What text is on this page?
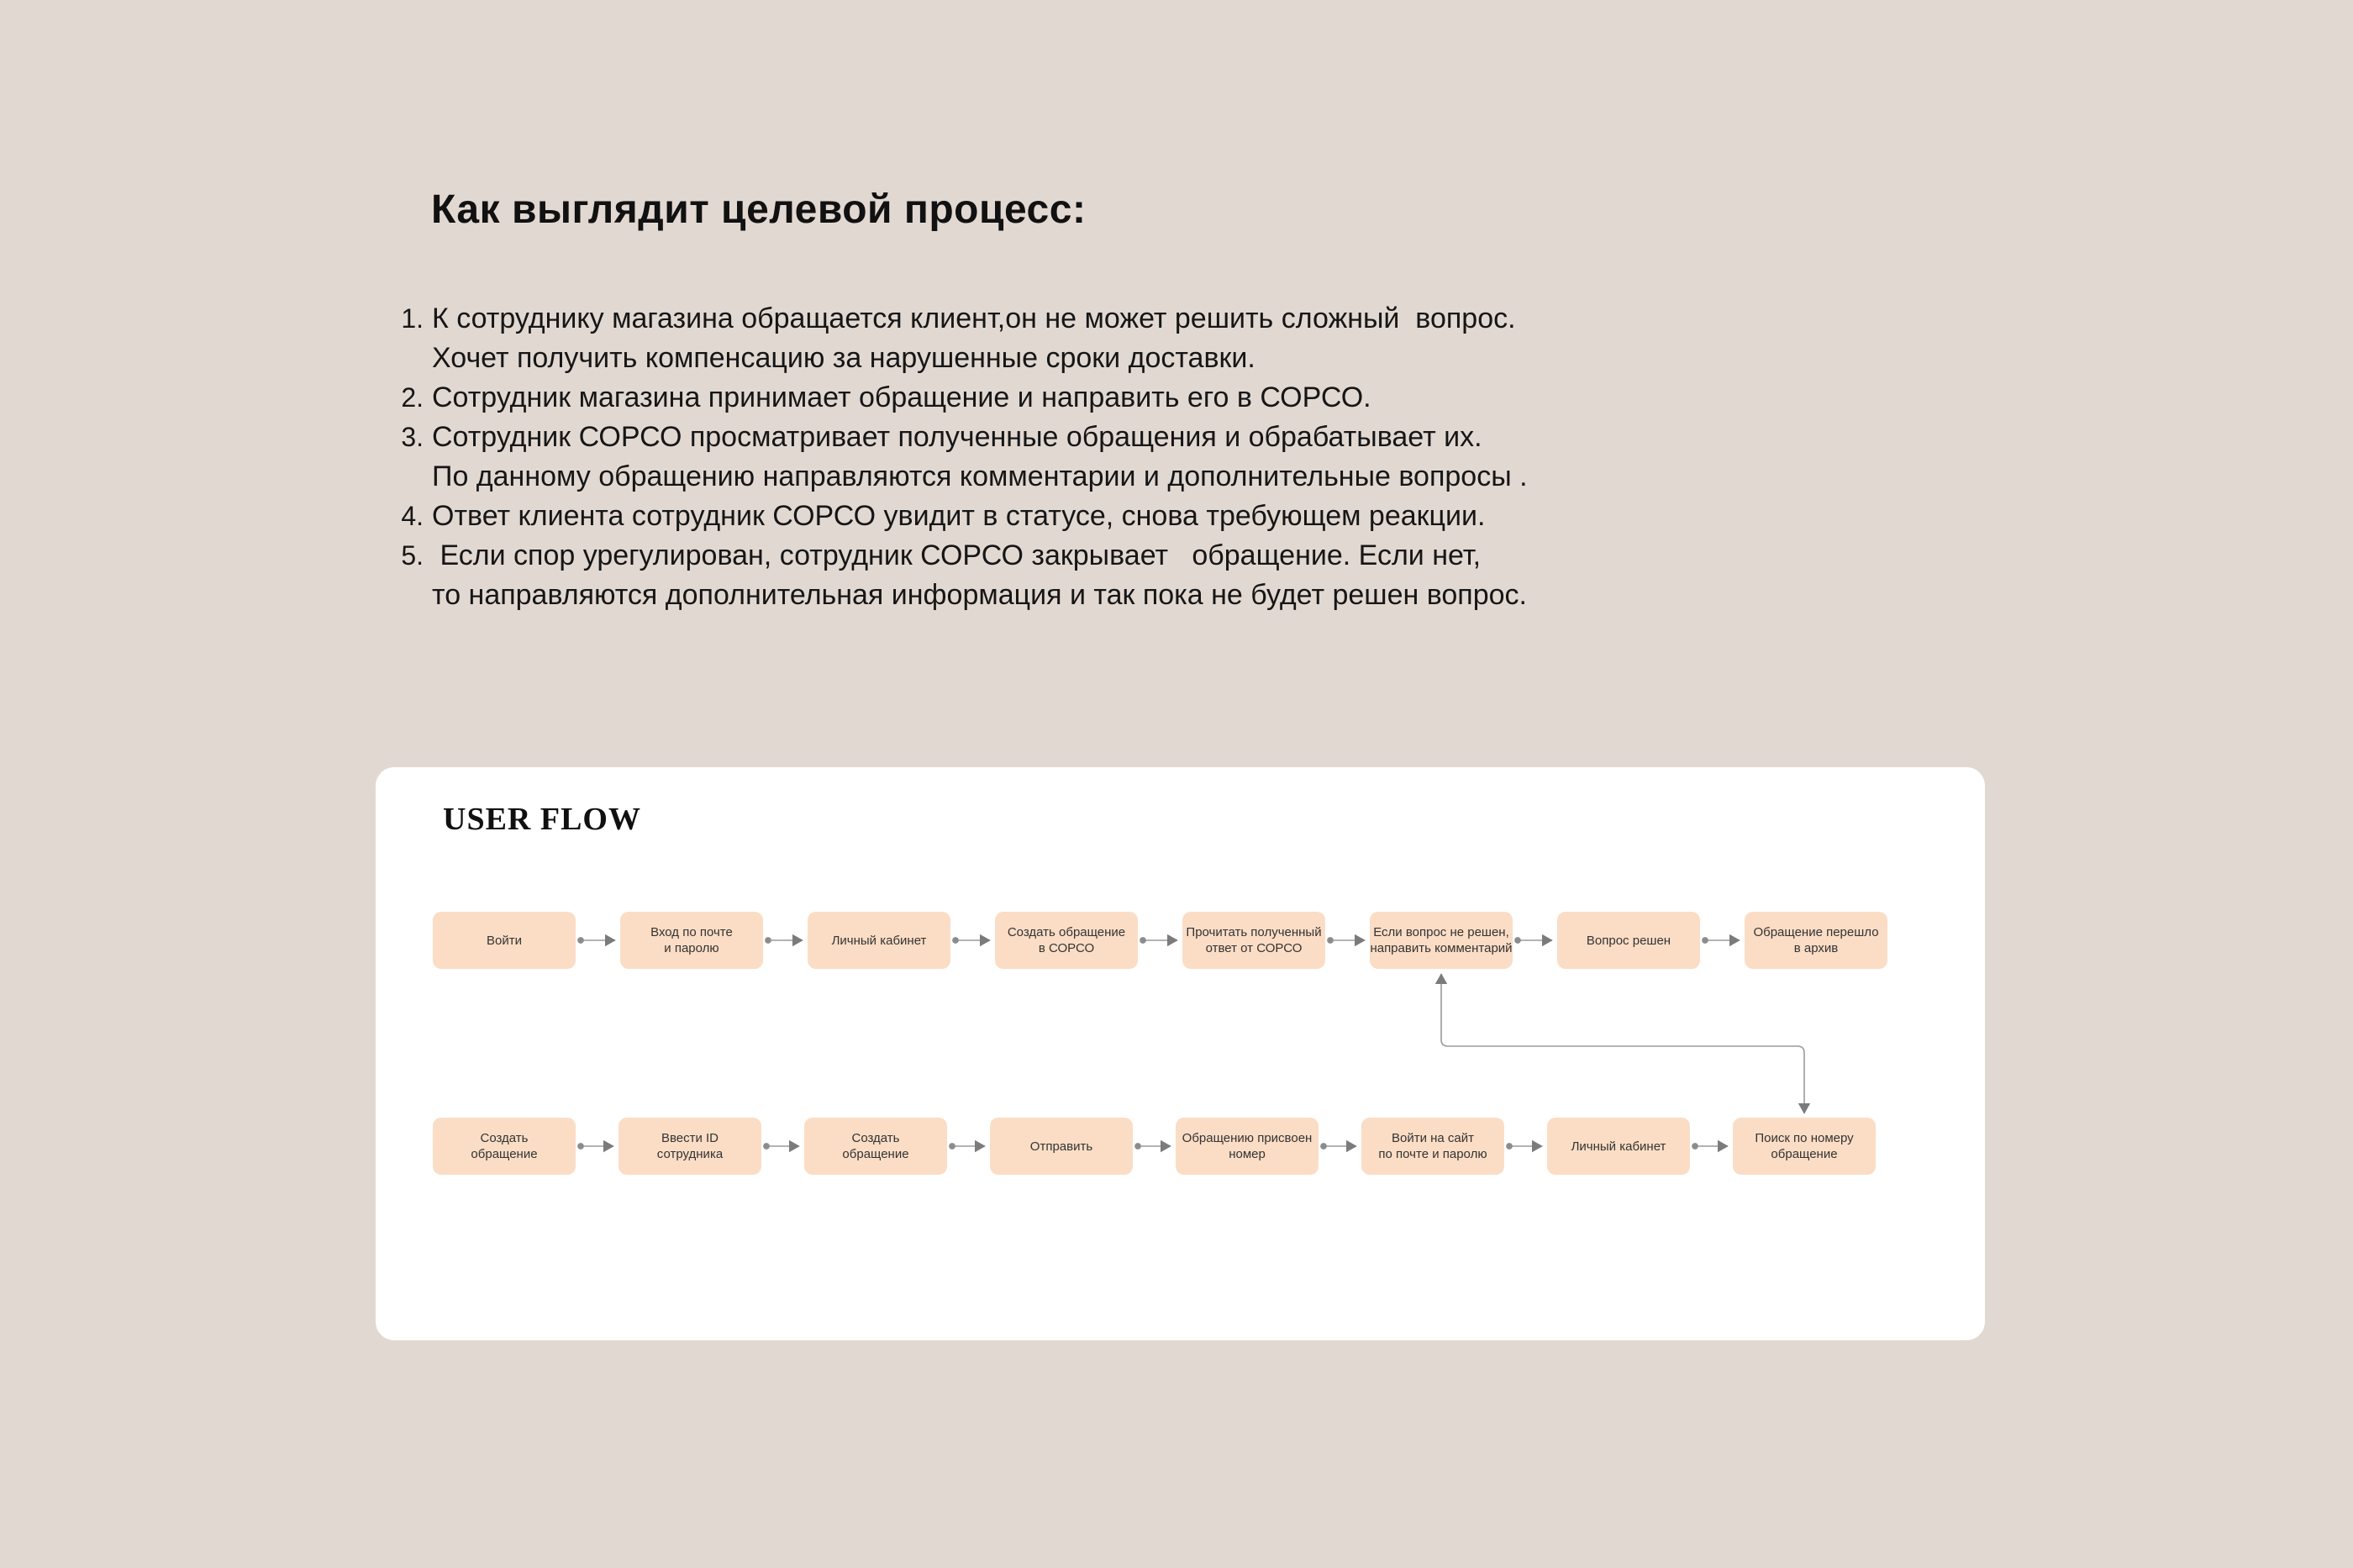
Как выглядит целевой процесс:
1. К сотруднику магазина обращается клиент,он не может решить сложный  вопрос.
Хочет получить компенсацию за нарушенные сроки доставки.
2. Сотрудник магазина принимает обращение и направить его в СОРСО.
3. Сотрудник СОРСО просматривает полученные обращения и обрабатывает их.
По данному обращению направляются комментарии и дополнительные вопросы .
4. Ответ клиента сотрудник СОРСО увидит в статусе, снова требующем реакции.
5. Если спор урегулирован, сотрудник СОРСО закрывает   обращение. Если нет,
то направляются дополнительная информация и так пока не будет решен вопрос.
USER FLOW
Войти
Вход по почте
и паролю
Личный кабинет
Создать обращение
в СОРСО
Прочитать полученный
ответ от СОРСО
Если вопрос не решен,
направить комментарий
Вопрос решен
Обращение перешло
в архив
Создать
обращение
Ввести ID
сотрудника
Создать
обращение
Отправить
Обращению присвоен
номер
Войти на сайт
по почте и паролю
Личный кабинет
Поиск по номеру
обращение
